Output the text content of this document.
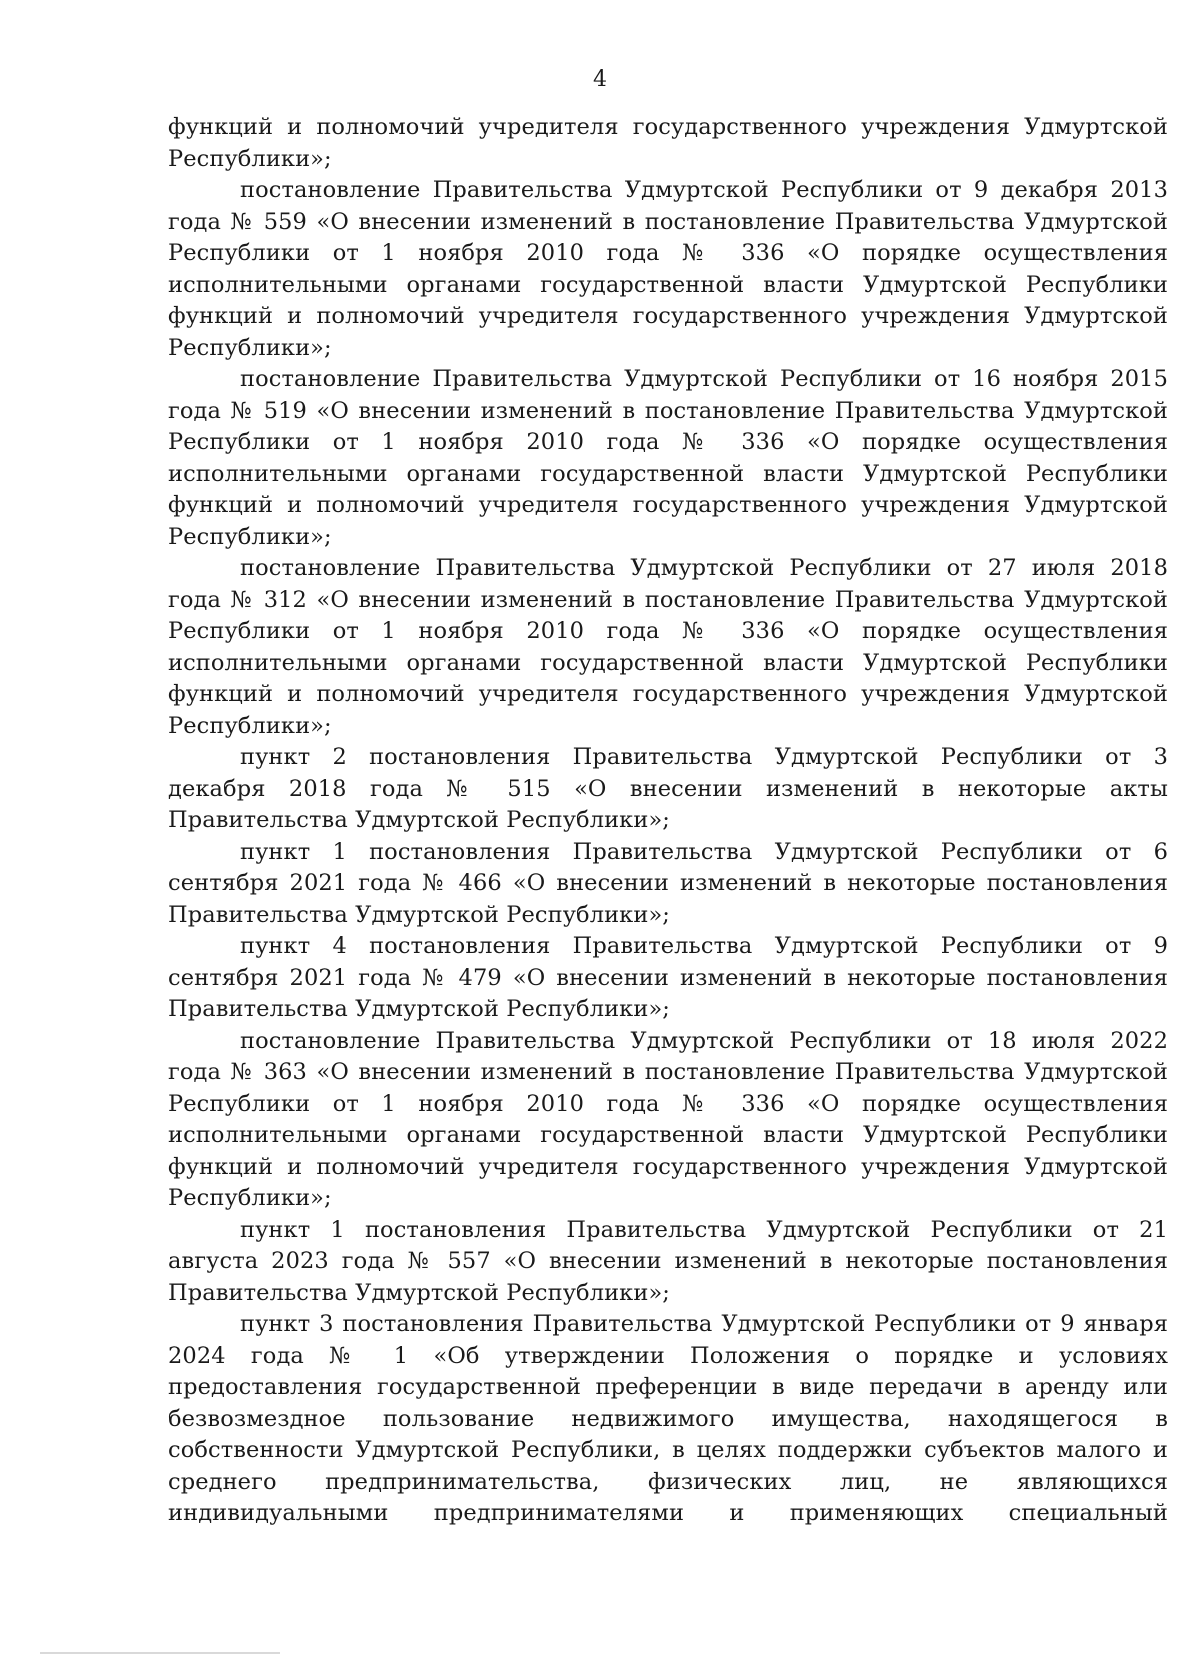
4

функций и полномочий учредителя государственного учреждения Удмуртской Республики»;

постановление Правительства Удмуртской Республики от 9 декабря 2013 года № 559 «О внесении изменений в постановление Правительства Удмуртской Республики от 1 ноября 2010 года № 336 «О порядке осуществления исполнительными органами государственной власти Удмуртской Республики функций и полномочий учредителя государственного учреждения Удмуртской Республики»;

постановление Правительства Удмуртской Республики от 16 ноября 2015 года № 519 «О внесении изменений в постановление Правительства Удмуртской Республики от 1 ноября 2010 года № 336 «О порядке осуществления исполнительными органами государственной власти Удмуртской Республики функций и полномочий учредителя государственного учреждения Удмуртской Республики»;

постановление Правительства Удмуртской Республики от 27 июля 2018 года № 312 «О внесении изменений в постановление Правительства Удмуртской Республики от 1 ноября 2010 года № 336 «О порядке осуществления исполнительными органами государственной власти Удмуртской Республики функций и полномочий учредителя государственного учреждения Удмуртской Республики»;

пункт 2 постановления Правительства Удмуртской Республики от 3 декабря 2018 года № 515 «О внесении изменений в некоторые акты Правительства Удмуртской Республики»;

пункт 1 постановления Правительства Удмуртской Республики от 6 сентября 2021 года № 466 «О внесении изменений в некоторые постановления Правительства Удмуртской Республики»;

пункт 4 постановления Правительства Удмуртской Республики от 9 сентября 2021 года № 479 «О внесении изменений в некоторые постановления Правительства Удмуртской Республики»;

постановление Правительства Удмуртской Республики от 18 июля 2022 года № 363 «О внесении изменений в постановление Правительства Удмуртской Республики от 1 ноября 2010 года № 336 «О порядке осуществления исполнительными органами государственной власти Удмуртской Республики функций и полномочий учредителя государственного учреждения Удмуртской Республики»;

пункт 1 постановления Правительства Удмуртской Республики от 21 августа 2023 года № 557 «О внесении изменений в некоторые постановления Правительства Удмуртской Республики»;

пункт 3 постановления Правительства Удмуртской Республики от 9 января 2024 года № 1 «Об утверждении Положения о порядке и условиях предоставления государственной преференции в виде передачи в аренду или безвозмездное пользование недвижимого имущества, находящегося в собственности Удмуртской Республики, в целях поддержки субъектов малого и среднего предпринимательства, физических лиц, не являющихся индивидуальными предпринимателями и применяющих специальный
